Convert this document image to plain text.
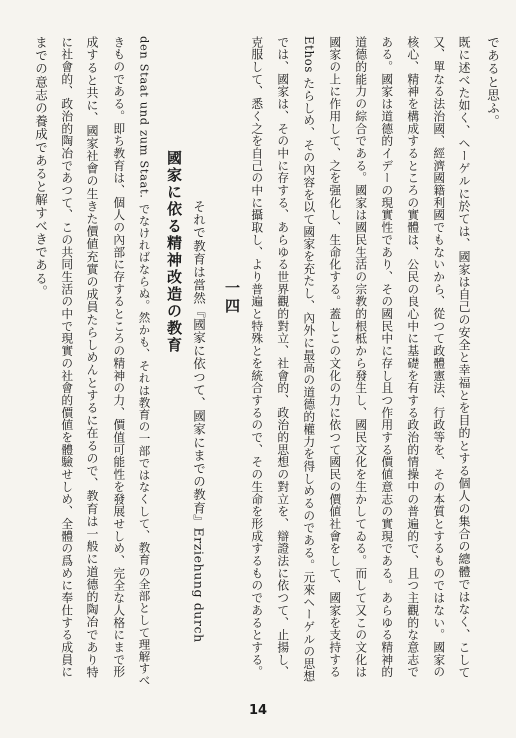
であると思ふ。
既に述べた如く、ヘーゲルに於ては、國家は自己の安全と幸福とを目的とする個人の集合の總體ではなく、こして
又、單なる法治國、經濟國籍利國でもないから、從つて政體憲法、行政等を、その本質とするものではない。國家の
核心、精神を構成するところの實體は、公民の良心中に基礎を有する政治的情操中の普遍的で、且つ主觀的な意志で
ある。國家は道德的イデーの現實性であり、その國民中に存し且つ作用する價値意志の實現である。あらゆる精神的
道德的能力の綜合である。國家は國民生活の宗教的根柢から發生し、國民文化を生かしてゐる。而して又この文化は
國家の上に作用して、之を强化し、生命化する。蓋しこの文化の力に依つて國民の價値社會をして、國家を支持する
Ethos たらしめ、その內容を以て國家を充たし、內外に最高の道德的權力を得しめるのである。元來ヘーゲルの思想
では、國家は、その中に存する、あらゆる世界觀的對立、社會的、政治的思想の對立を、辯證法に依つて、止揚し、
克服して、悉く之を自己の中に攝取し、より普遍と特殊とを統合するので、その生命を形成するものであるとする。
一四
それで教育は當然『國家に依つて、國家にまでの教育』Erziehung durch
國家に依る精神改造の教育
den Staat und zum Staat. でなければならぬ。然かも、それは教育の一部ではなくして、教育の全部として理解すべ
きものである。即ち教育は、個人の內部に存するところの精神の力、價值可能性を發展せしめ、完全な人格にまで形
成すると共に、國家社會の生きた價値充實の成員たらしめんとするに在るので、教育は一般に道德的陶冶であり特
に社會的、政治的陶冶であつて、この共同生活の中で現實の社會的價値を體驗せしめ、全體の爲めに奉仕する成員に
までの意志の養成であると解すべきである。
14
